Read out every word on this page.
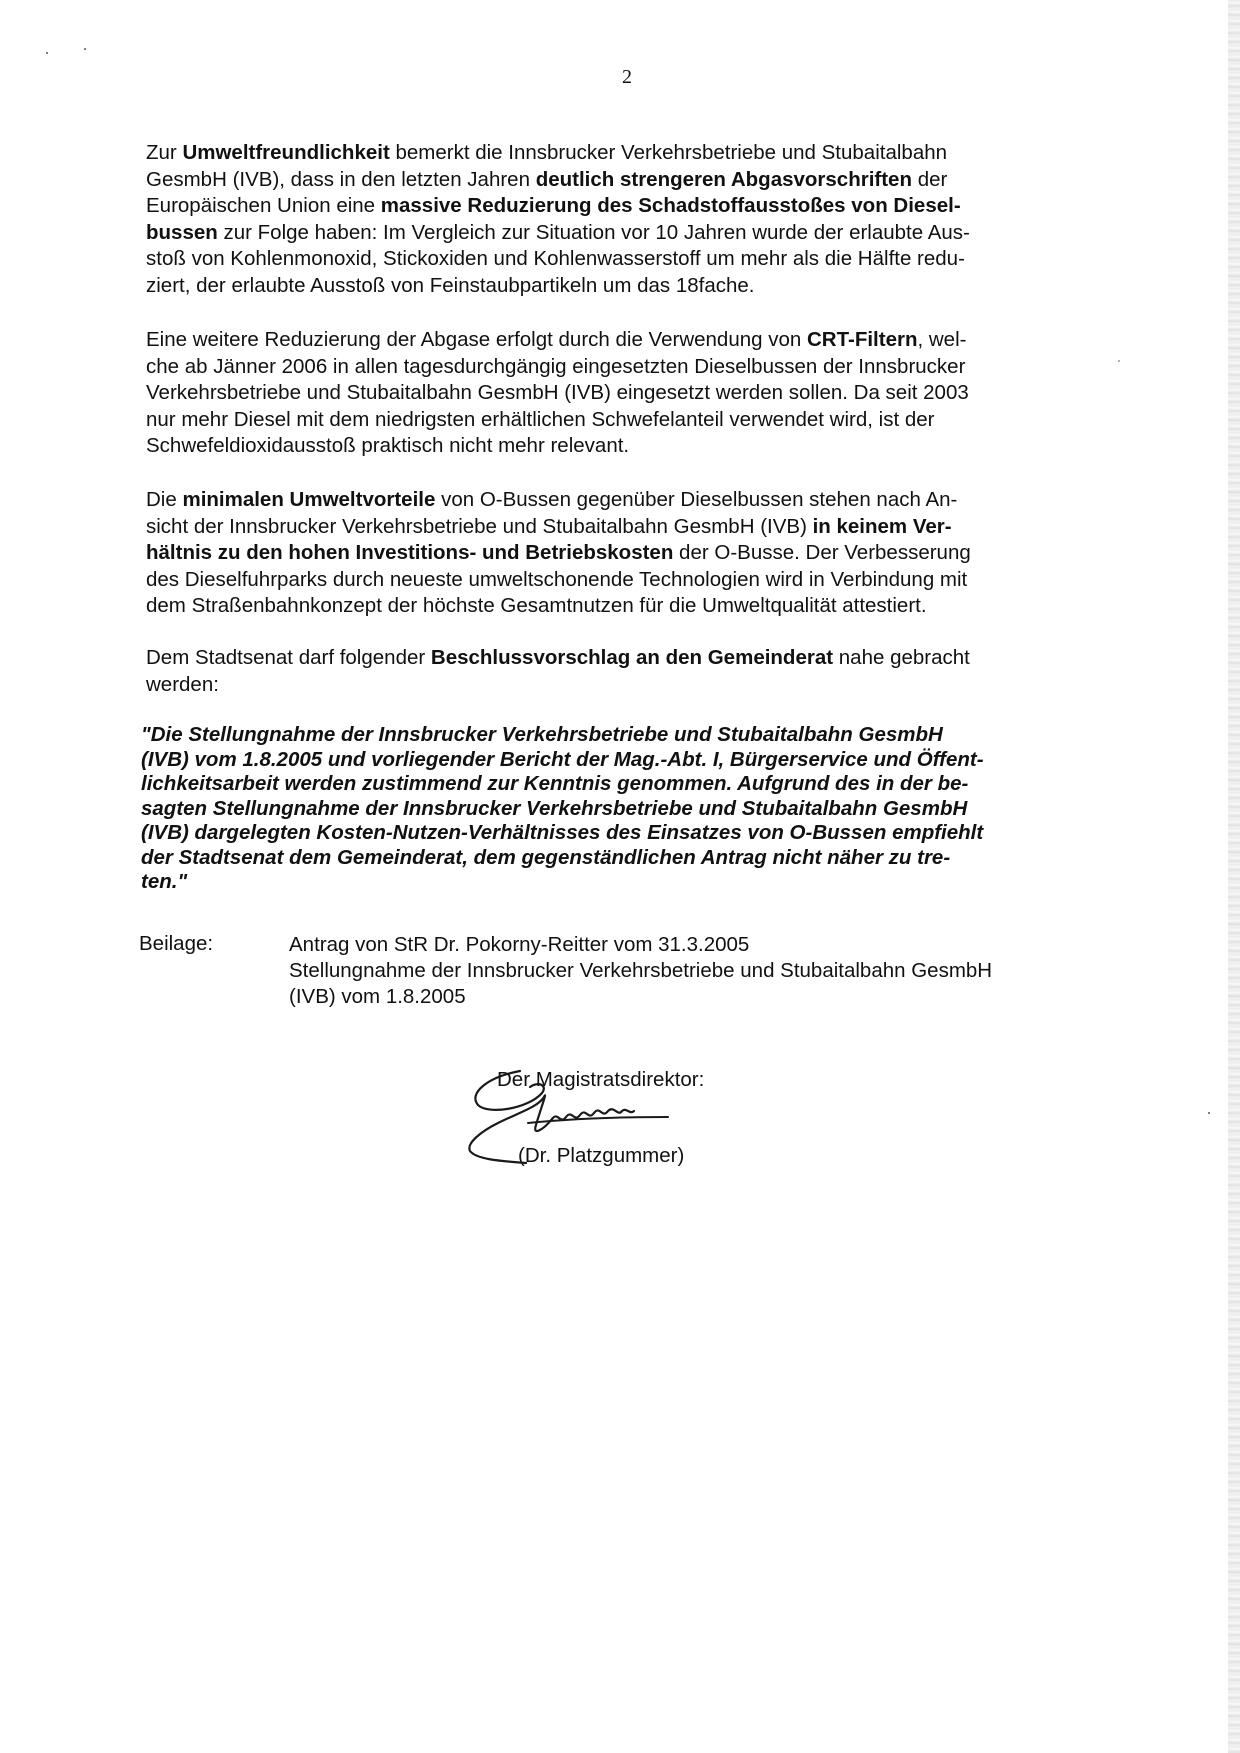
2
Zur Umweltfreundlichkeit bemerkt die Innsbrucker Verkehrsbetriebe und Stubaitalbahn
GesmbH (IVB), dass in den letzten Jahren deutlich strengeren Abgasvorschriften der
Europäischen Union eine massive Reduzierung des Schadstoffausstoßes von Diesel-
bussen zur Folge haben: Im Vergleich zur Situation vor 10 Jahren wurde der erlaubte Aus-
stoß von Kohlenmonoxid, Stickoxiden und Kohlenwasserstoff um mehr als die Hälfte redu-
ziert, der erlaubte Ausstoß von Feinstaubpartikeln um das 18fache.
Eine weitere Reduzierung der Abgase erfolgt durch die Verwendung von CRT-Filtern, wel-
che ab Jänner 2006 in allen tagesdurchgängig eingesetzten Dieselbussen der Innsbrucker
Verkehrsbetriebe und Stubaitalbahn GesmbH (IVB) eingesetzt werden sollen. Da seit 2003
nur mehr Diesel mit dem niedrigsten erhältlichen Schwefelanteil verwendet wird, ist der
Schwefeldioxidausstoß praktisch nicht mehr relevant.
Die minimalen Umweltvorteile von O-Bussen gegenüber Dieselbussen stehen nach An-
sicht der Innsbrucker Verkehrsbetriebe und Stubaitalbahn GesmbH (IVB) in keinem Ver-
hältnis zu den hohen Investitions- und Betriebskosten der O-Busse. Der Verbesserung
des Dieselfuhrparks durch neueste umweltschonende Technologien wird in Verbindung mit
dem Straßenbahnkonzept der höchste Gesamtnutzen für die Umweltqualität attestiert.
Dem Stadtsenat darf folgender Beschlussvorschlag an den Gemeinderat nahe gebracht
werden:
"Die Stellungnahme der Innsbrucker Verkehrsbetriebe und Stubaitalbahn GesmbH
(IVB) vom 1.8.2005 und vorliegender Bericht der Mag.-Abt. I, Bürgerservice und Öffent-
lichkeitsarbeit werden zustimmend zur Kenntnis genommen. Aufgrund des in der be-
sagten Stellungnahme der Innsbrucker Verkehrsbetriebe und Stubaitalbahn GesmbH
(IVB) dargelegten Kosten-Nutzen-Verhältnisses des Einsatzes von O-Bussen empfiehlt
der Stadtsenat dem Gemeinderat, dem gegenständlichen Antrag nicht näher zu tre-
ten."
Beilage:	Antrag von StR Dr. Pokorny-Reitter vom 31.3.2005
Stellungnahme der Innsbrucker Verkehrsbetriebe und Stubaitalbahn GesmbH
(IVB) vom 1.8.2005
Der Magistratsdirektor:
(Dr. Platzgummer)
